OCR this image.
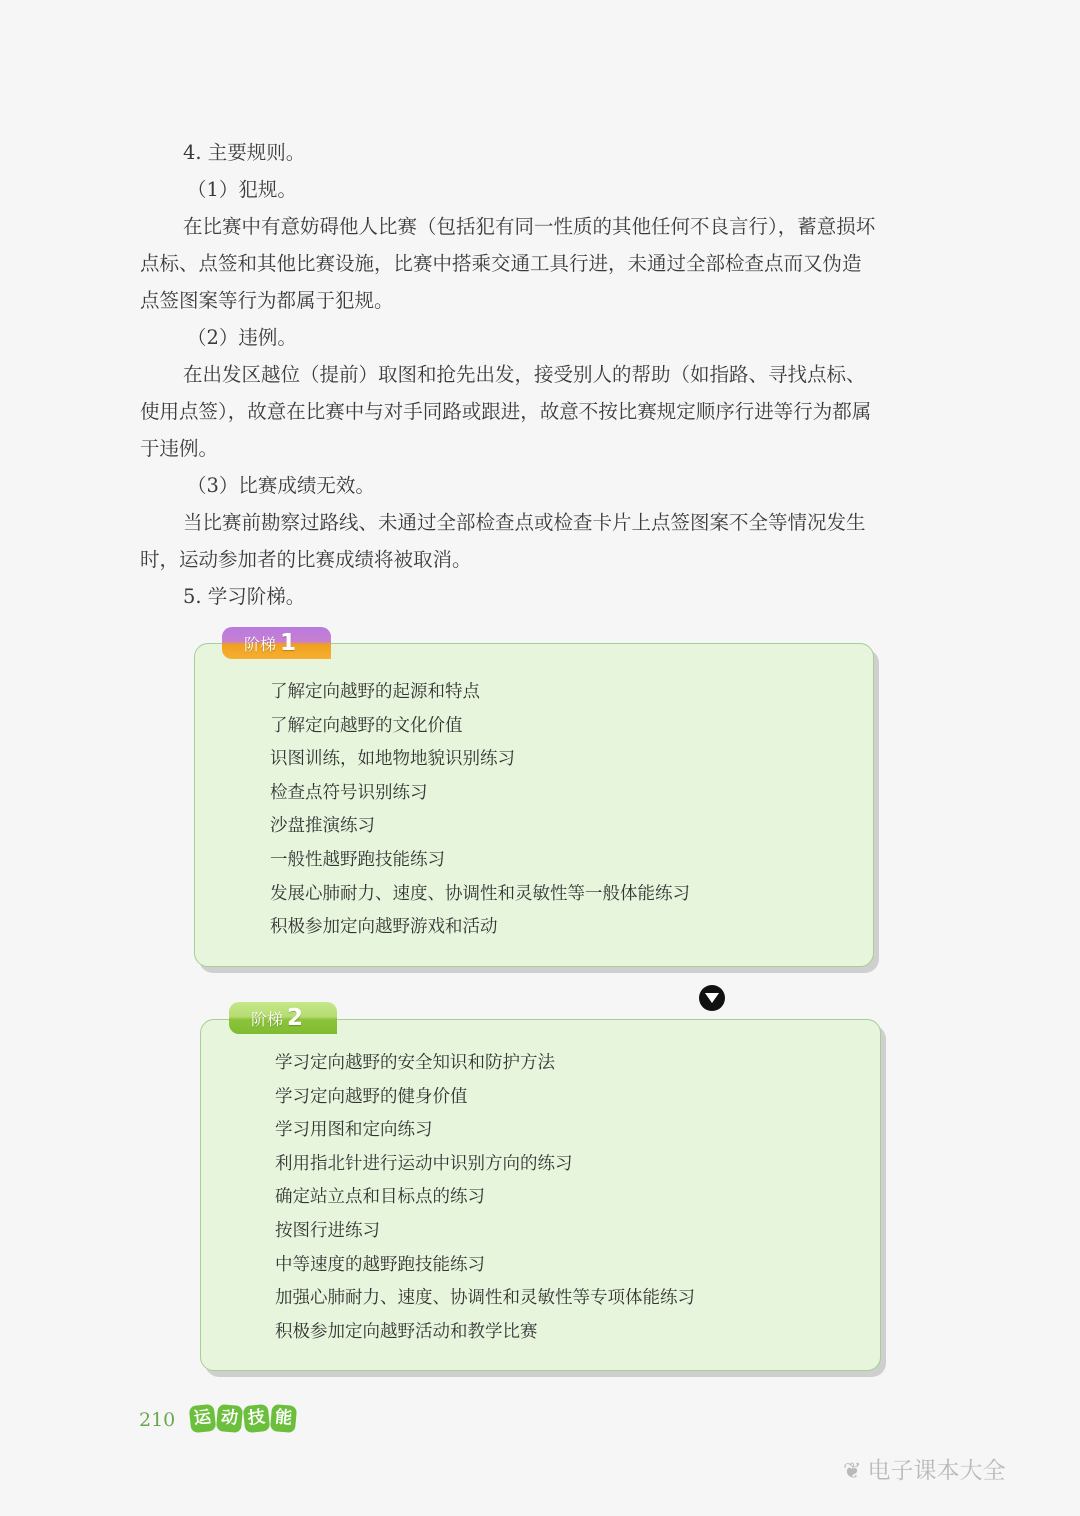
4. 主要规则。
（1）犯规。
在比赛中有意妨碍他人比赛（包括犯有同一性质的其他任何不良言行），蓄意损坏
点标、点签和其他比赛设施，比赛中搭乘交通工具行进，未通过全部检查点而又伪造
点签图案等行为都属于犯规。
（2）违例。
在出发区越位（提前）取图和抢先出发，接受别人的帮助（如指路、寻找点标、
使用点签），故意在比赛中与对手同路或跟进，故意不按比赛规定顺序行进等行为都属
于违例。
（3）比赛成绩无效。
当比赛前勘察过路线、未通过全部检查点或检查卡片上点签图案不全等情况发生
时，运动参加者的比赛成绩将被取消。
5. 学习阶梯。
阶梯 1
了解定向越野的起源和特点
了解定向越野的文化价值
识图训练，如地物地貌识别练习
检查点符号识别练习
沙盘推演练习
一般性越野跑技能练习
发展心肺耐力、速度、协调性和灵敏性等一般体能练习
积极参加定向越野游戏和活动
阶梯 2
学习定向越野的安全知识和防护方法
学习定向越野的健身价值
学习用图和定向练习
利用指北针进行运动中识别方向的练习
确定站立点和目标点的练习
按图行进练习
中等速度的越野跑技能练习
加强心肺耐力、速度、协调性和灵敏性等专项体能练习
积极参加定向越野活动和教学比赛
210 运 动 技 能
❦ 电子课本大全
